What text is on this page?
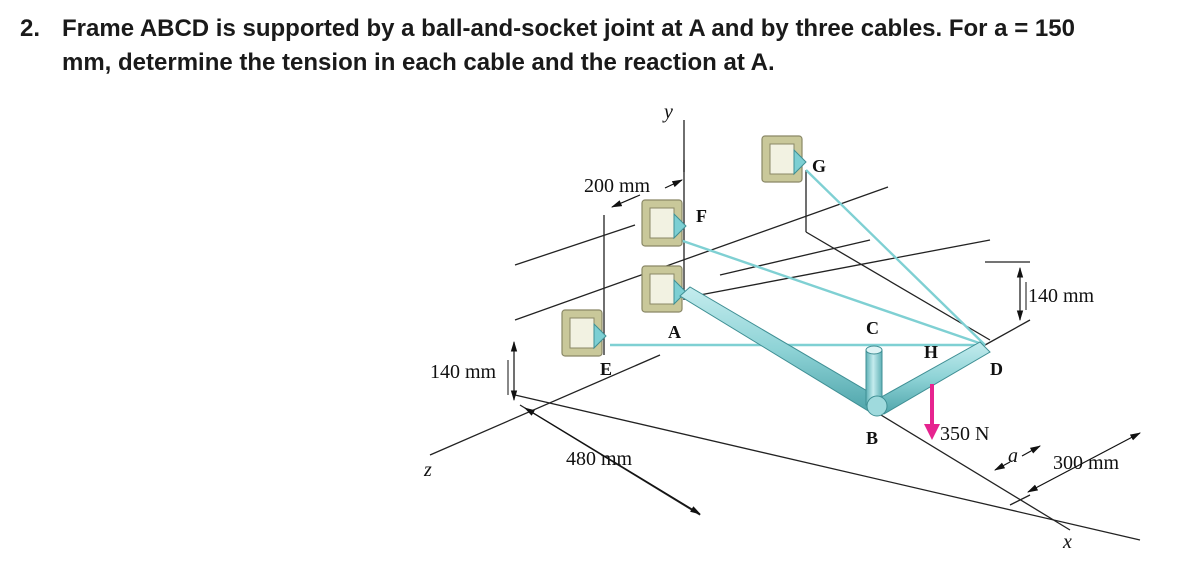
2. Frame ABCD is supported by a ball-and-socket joint at A and by three cables. For a = 150
mm, determine the tension in each cable and the reaction at A.
y
z
x
G
F
A
E
C
B
H
D
200 mm
140 mm
140 mm
480 mm	300 mm
a
350 N
